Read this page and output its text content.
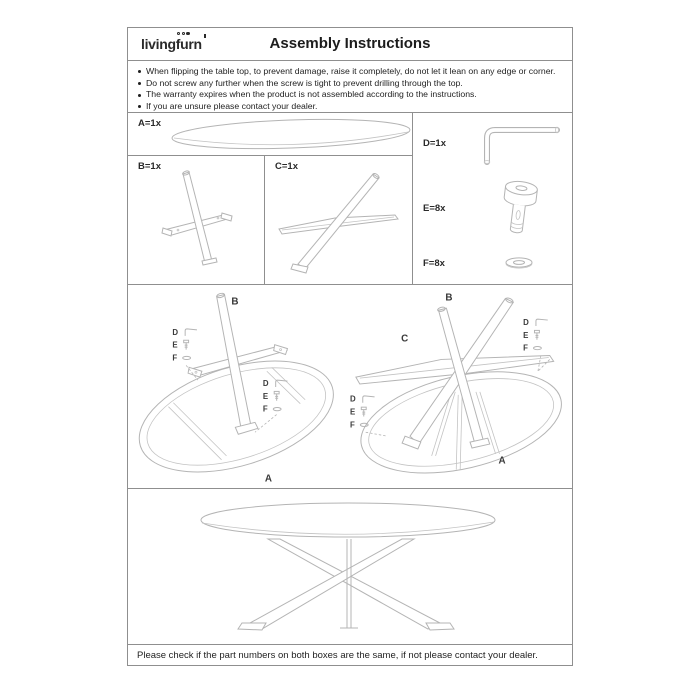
livingfurn	Assembly Instructions
When flipping the table top, to prevent damage, raise it completely, do not let it lean on any edge or corner.
Do not screw any further when the screw is tight to prevent drilling through the top.
The warranty expires when the product is not assembled according to the instructions.
If you are unsure please contact your dealer.
A=1x
B=1x	C=1x
D=1x
E=8x
F=8x
D
E
F
D
E
F
B
A
D
E
F
D
E
F
B
C
A
Please check if the part numbers on both boxes are the same, if not please contact your dealer.
